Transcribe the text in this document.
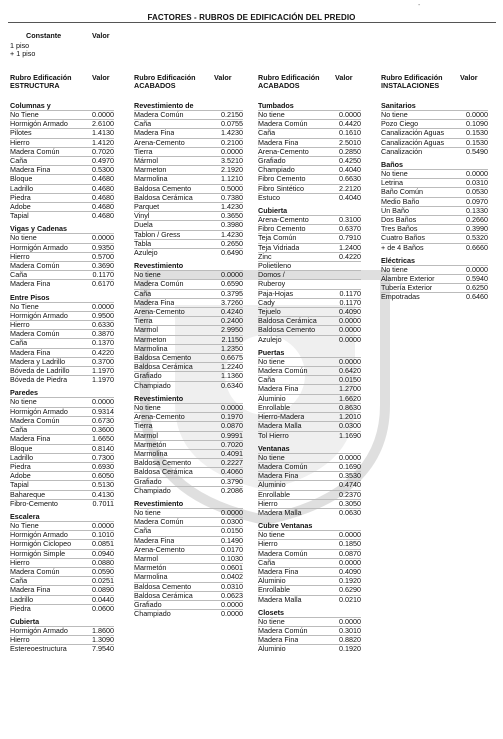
-
FACTORES - RUBROS DE EDIFICACIÓN DEL PREDIO
Constante	Valor
1 piso
+ 1 piso
Rubro Edificación
ESTRUCTURA
Valor	Rubro Edificación
ACABADOS
Valor	Rubro Edificación
ACABADOS
Valor	Rubro Edificación
INSTALACIONES
Valor
Columnas y
No Tiene	0.0000
Hormigón Armado	2.6100
Pilotes	1.4130
Hierro	1.4120
Madera Común	0.7020
Caña	0.4970
Madera Fina	0.5300
Bloque	0.4680
Ladrillo	0.4680
Piedra	0.4680
Adobe	0.4680
Tapial	0.4680
Vigas y Cadenas
No tiene	0.0000
Hormigón Armado	0.9350
Hierro	0.5700
Madera Común	0.3690
Caña	0.1170
Madera Fina	0.6170
Entre Pisos
No Tiene	0.0000
Hormigón Armado	0.9500
Hierro	0.6330
Madera Común	0.3870
Caña	0.1370
Madera Fina	0.4220
Madera y Ladrillo	0.3700
Bóveda de Ladrillo	1.1970
Bóveda de Piedra	1.1970
Paredes
No tiene	0.0000
Hormigón Armado	0.9314
Madera Común	0.6730
Caña	0.3600
Madera Fina	1.6650
Bloque	0.8140
Ladrillo	0.7300
Piedra	0.6930
Adobe	0.6050
Tapial	0.5130
Bahareque	0.4130
Fibro-Cemento	0.7011
Escalera
No Tiene	0.0000
Hormigón Armado	0.1010
Hormigón Ciclopeo	0.0851
Hormigón Simple	0.0940
Hierro	0.0880
Madera Común	0.0590
Caña	0.0251
Madera Fina	0.0890
Ladrillo	0.0440
Piedra	0.0600
Cubierta
Hormigón Armado	1.8600
Hierro	1.3090
Estereoestructura	7.9540
Revestimiento de
Madera Común	0.2150
Caña	0.0755
Madera Fina	1.4230
Arena-Cemento	0.2100
Tierra	0.0000
Mármol	3.5210
Marmeton	2.1920
Marmolina	1.1210
Baldosa Cemento	0.5000
Baldosa Cerámica	0.7380
Parquet	1.4230
Vinyl	0.3650
Duela	0.3980
Tablon / Gress	1.4230
Tabla	0.2650
Azulejo	0.6490
Revestimiento
No tiene	0.0000
Madera Común	0.6590
Caña	0.3795
Madera Fina	3.7260
Arena-Cemento	0.4240
Tierra	0.2400
Marmol	2.9950
Marmeton	2.1150
Marmolina	1.2350
Baldosa Cemento	0.6675
Baldosa Cerámica	1.2240
Grafiado	1.1360
Champiado	0.6340
Revestimiento
No tiene	0.0000
Arena-Cemento	0.1970
Tierra	0.0870
Marmol	0.9991
Marmetón	0.7020
Marmolina	0.4091
Baldosa Cemento	0.2227
Baldosa Cerámica	0.4060
Grafiado	0.3790
Champiado	0.2086
Revestimiento
No tiene	0.0000
Madera Común	0.0300
Caña	0.0150
Madera Fina	0.1490
Arena-Cemento	0.0170
Marmol	0.1030
Marmetón	0.0601
Marmolina	0.0402
Baldosa Cemento	0.0310
Baldosa Cerámica	0.0623
Grafiado	0.0000
Champiado	0.0000
Tumbados
No tiene	0.0000
Madera Común	0.4420
Caña	0.1610
Madera Fina	2.5010
Arena-Cemento	0.2850
Grafiado	0.4250
Champiado	0.4040
Fibro Cemento	0.6630
Fibro Sintético	2.2120
Estuco	0.4040
Cubierta
Arena-Cemento	0.3100
Fibro Cemento	0.6370
Teja Común	0.7910
Teja Vidriada	1.2400
Zinc	0.4220
Polietileno
Domos /
Ruberoy
Paja-Hojas	0.1170
Cady	0.1170
Tejuelo	0.4090
Baldosa Cerámica	0.0000
Baldosa Cemento	0.0000
Azulejo	0.0000
Puertas
No tiene	0.0000
Madera Común	0.6420
Caña	0.0150
Madera Fina	1.2700
Aluminio	1.6620
Enrollable	0.8630
Hierro-Madera	1.2010
Madera Malla	0.0300
Tol Hierro	1.1690
Ventanas
No tiene	0.0000
Madera Común	0.1690
Madera Fina	0.3530
Aluminio	0.4740
Enrollable	0.2370
Hierro	0.3050
Madera Malla	0.0630
Cubre Ventanas
No tiene	0.0000
Hierro	0.1850
Madera Común	0.0870
Caña	0.0000
Madera Fina	0.4090
Aluminio	0.1920
Enrollable	0.6290
Madera Malla	0.0210
Closets
No tiene	0.0000
Madera Común	0.3010
Madera Fina	0.8820
Aluminio	0.1920
Sanitarios
No tiene	0.0000
Pozo Ciego	0.1090
Canalización Aguas	0.1530
Canalización Aguas	0.1530
Canalización	0.5490
Baños
No tiene	0.0000
Letrina	0.0310
Baño Común	0.0530
Medio Baño	0.0970
Un Baño	0.1330
Dos Baños	0.2660
Tres Baños	0.3990
Cuatro Baños	0.5320
+ de 4 Baños	0.6660
Eléctricas
No tiene	0.0000
Alambre Exterior	0.5940
Tubería Exterior	0.6250
Empotradas	0.6460
